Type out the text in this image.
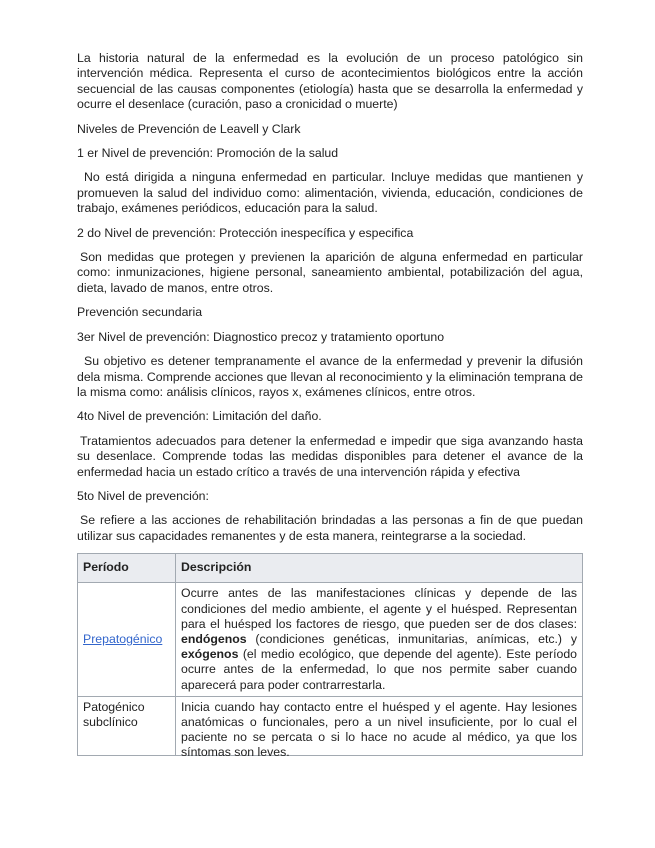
La historia natural de la enfermedad es la evolución de un proceso patológico sin intervención médica. Representa el curso de acontecimientos biológicos entre la acción secuencial de las causas componentes (etiología) hasta que se desarrolla la enfermedad y ocurre el desenlace (curación, paso a cronicidad o muerte)

Niveles de Prevención de Leavell y Clark

1 er Nivel de prevención: Promoción de la salud

No está dirigida a ninguna enfermedad en particular. Incluye medidas que mantienen y promueven la salud del individuo como: alimentación, vivienda, educación, condiciones de trabajo, exámenes periódicos, educación para la salud.

2 do Nivel de prevención: Protección inespecífica y especifica

Son medidas que protegen y previenen la aparición de alguna enfermedad en particular como: inmunizaciones, higiene personal, saneamiento ambiental, potabilización del agua, dieta, lavado de manos, entre otros.

Prevención secundaria

3er Nivel de prevención: Diagnostico precoz y tratamiento oportuno

Su objetivo es detener tempranamente el avance de la enfermedad y prevenir la difusión dela misma. Comprende acciones que llevan al reconocimiento y la eliminación temprana de la misma como: análisis clínicos, rayos x, exámenes clínicos, entre otros.

4to Nivel de prevención: Limitación del daño.

Tratamientos adecuados para detener la enfermedad e impedir que siga avanzando hasta su desenlace. Comprende todas las medidas disponibles para detener el avance de la enfermedad hacia un estado crítico a través de una intervención rápida y efectiva

5to Nivel de prevención:

Se refiere a las acciones de rehabilitación brindadas a las personas a fin de que puedan utilizar sus capacidades remanentes y de esta manera, reintegrarse a la sociedad.

Período	Descripción
Prepatogénico	Ocurre antes de las manifestaciones clínicas y depende de las condiciones del medio ambiente, el agente y el huésped. Representan para el huésped los factores de riesgo, que pueden ser de dos clases: endógenos (condiciones genéticas, inmunitarias, anímicas, etc.) y exógenos (el medio ecológico, que depende del agente). Este período ocurre antes de la enfermedad, lo que nos permite saber cuando aparecerá para poder contrarrestarla.

Patogénico subclínico	Inicia cuando hay contacto entre el huésped y el agente. Hay lesiones anatómicas o funcionales, pero a un nivel insuficiente, por lo cual el paciente no se percata o si lo hace no acude al médico, ya que los síntomas son leves.
